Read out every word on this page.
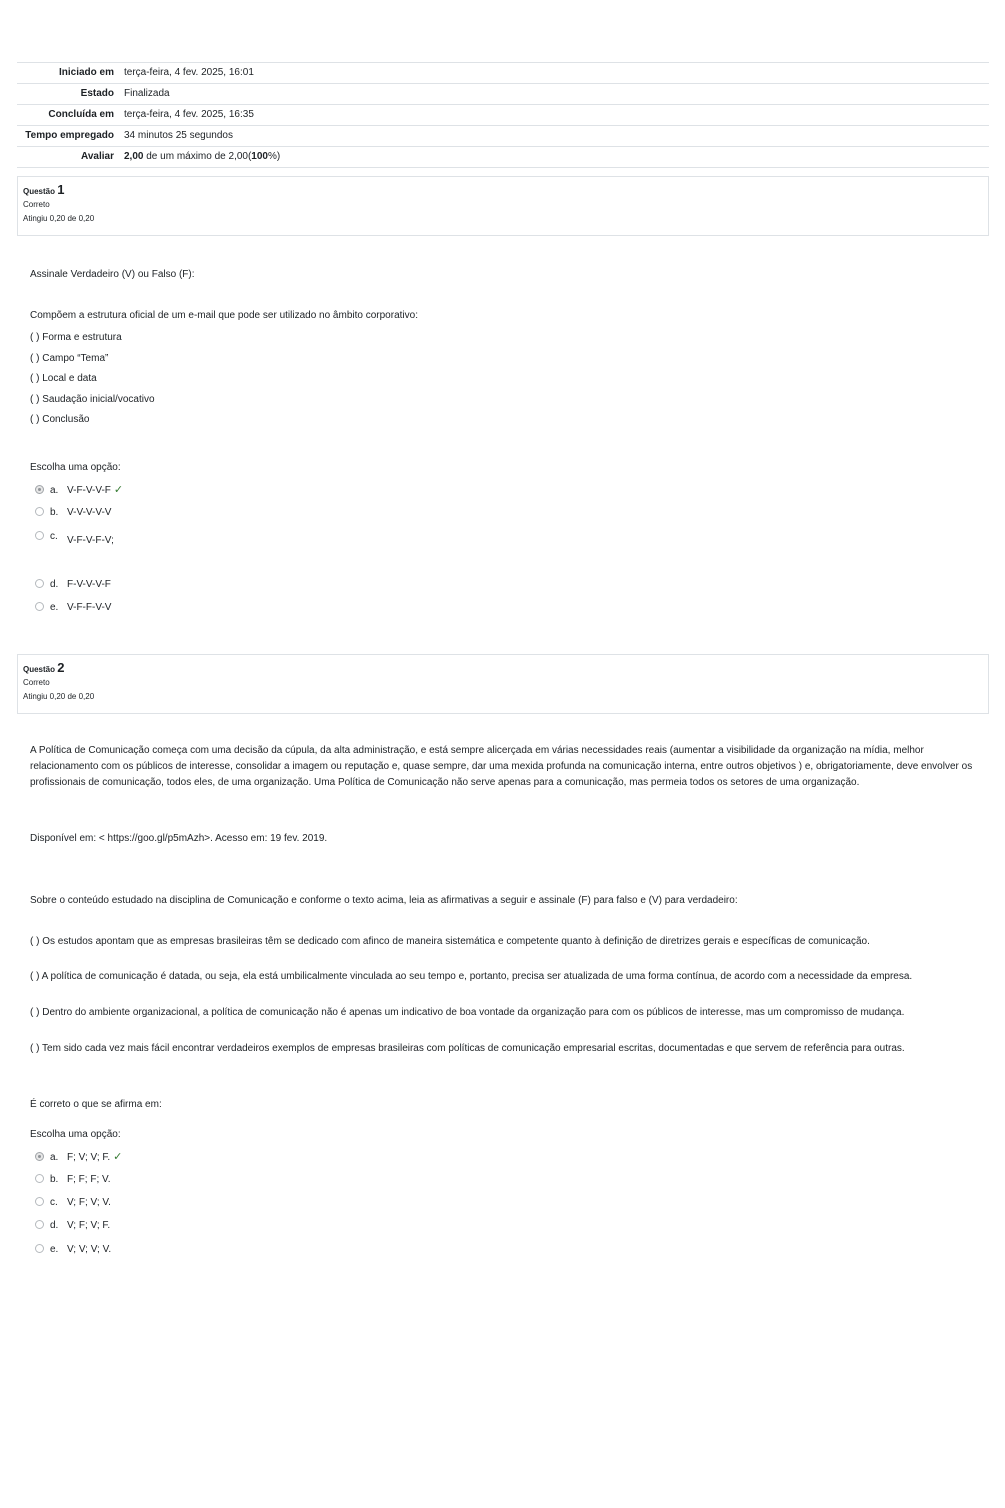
Iniciado em	terça-feira, 4 fev. 2025, 16:01
Estado	Finalizada
Concluída em	terça-feira, 4 fev. 2025, 16:35
Tempo empregado	34 minutos 25 segundos
Avaliar	2,00 de um máximo de 2,00(100%)
Questão 1
Correto
Atingiu 0,20 de 0,20
Assinale Verdadeiro (V) ou Falso (F):
Compõem a estrutura oficial de um e-mail que pode ser utilizado no âmbito corporativo:

( ) Forma e estrutura

( ) Campo “Tema”

( ) Local e data

( ) Saudação inicial/vocativo

( ) Conclusão

Escolha uma opção:
a. V-F-V-V-F ✓
b. V-V-V-V-V
c. V-F-V-F-V;
d. F-V-V-V-F
e. V-F-F-V-V
Questão 2
Correto
Atingiu 0,20 de 0,20
A Política de Comunicação começa com uma decisão da cúpula, da alta administração, e está sempre alicerçada em várias necessidades reais (aumentar a visibilidade da organização na mídia, melhor relacionamento com os públicos de interesse, consolidar a imagem ou reputação e, quase sempre, dar uma mexida profunda na comunicação interna, entre outros objetivos ) e, obrigatoriamente, deve envolver os profissionais de comunicação, todos eles, de uma organização. Uma Política de Comunicação não serve apenas para a comunicação, mas permeia todos os setores de uma organização.
Disponível em: < https://goo.gl/p5mAzh>. Acesso em: 19 fev. 2019.
Sobre o conteúdo estudado na disciplina de Comunicação e conforme o texto acima, leia as afirmativas a seguir e assinale (F) para falso e (V) para verdadeiro:
( ) Os estudos apontam que as empresas brasileiras têm se dedicado com afinco de maneira sistemática e competente quanto à definição de diretrizes gerais e específicas de comunicação.
( ) A política de comunicação é datada, ou seja, ela está umbilicalmente vinculada ao seu tempo e, portanto, precisa ser atualizada de uma forma contínua, de acordo com a necessidade da empresa.
( ) Dentro do ambiente organizacional, a política de comunicação não é apenas um indicativo de boa vontade da organização para com os públicos de interesse, mas um compromisso de mudança.
( ) Tem sido cada vez mais fácil encontrar verdadeiros exemplos de empresas brasileiras com políticas de comunicação empresarial escritas, documentadas e que servem de referência para outras.
É correto o que se afirma em:
Escolha uma opção:
a. F; V; V; F. ✓
b. F; F; F; V.
c. V; F; V; V.
d. V; F; V; F.
e. V; V; V; V.
